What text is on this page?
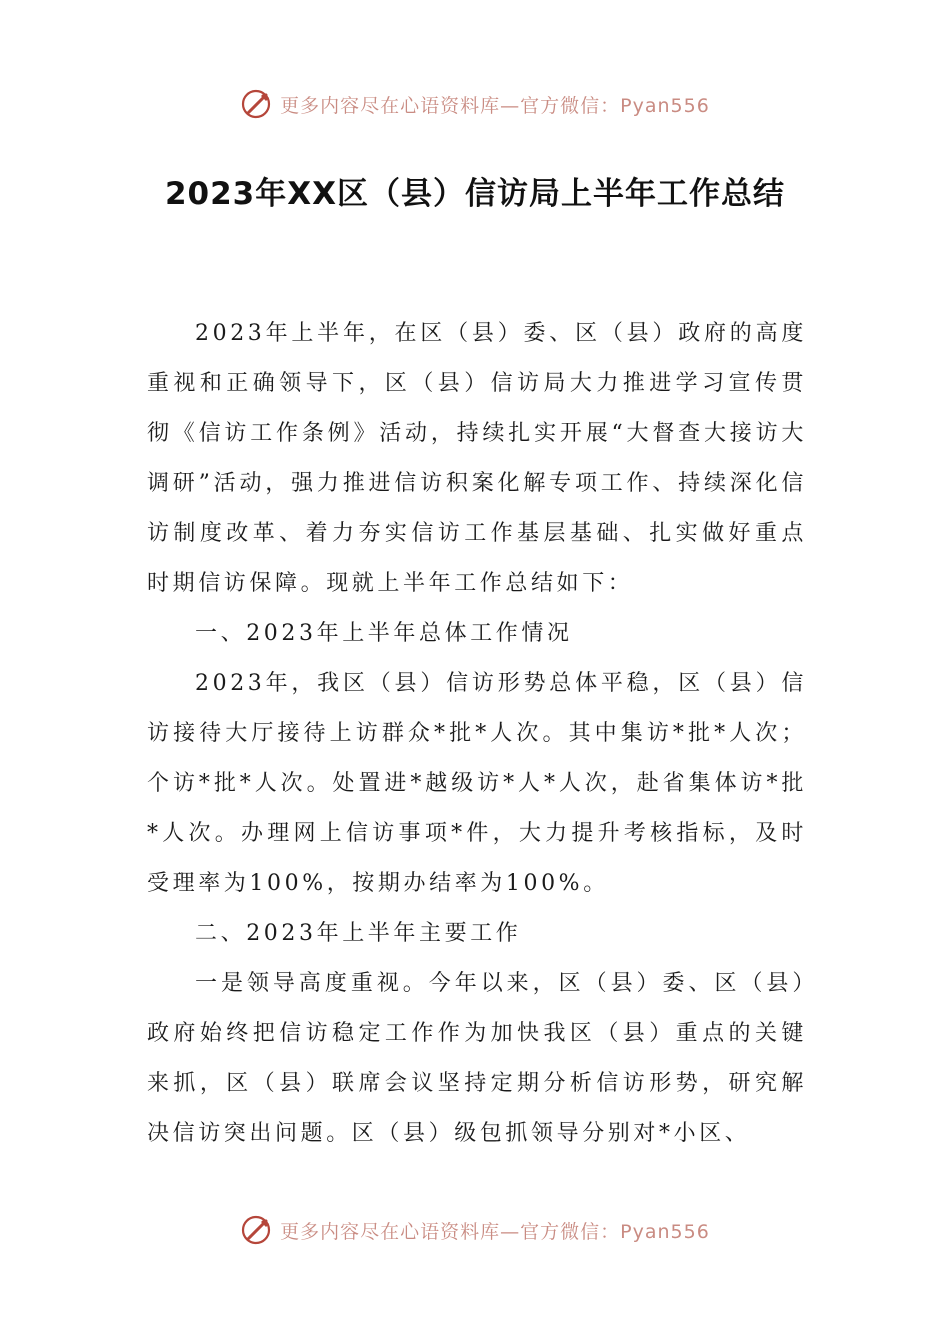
更多内容尽在心语资料库—官方微信：Pyan556
2023年XX区（县）信访局上半年工作总结

2023年上半年，在区（县）委、区（县）政府的高度重视和正确领导下，区（县）信访局大力推进学习宣传贯彻《信访工作条例》活动，持续扎实开展“大督查大接访大调研”活动，强力推进信访积案化解专项工作、持续深化信访制度改革、着力夯实信访工作基层基础、扎实做好重点时期信访保障。现就上半年工作总结如下：

一、2023年上半年总体工作情况

2023年，我区（县）信访形势总体平稳，区（县）信访接待大厅接待上访群众*批*人次。其中集访*批*人次；个访*批*人次。处置进*越级访*人*人次，赴省集体访*批*人次。办理网上信访事项*件，大力提升考核指标，及时受理率为100%，按期办结率为100%。

二、2023年上半年主要工作

一是领导高度重视。今年以来，区（县）委、区（县）政府始终把信访稳定工作作为加快我区（县）重点的关键来抓，区（县）联席会议坚持定期分析信访形势，研究解决信访突出问题。区（县）级包抓领导分别对*小区、

更多内容尽在心语资料库—官方微信：Pyan556
